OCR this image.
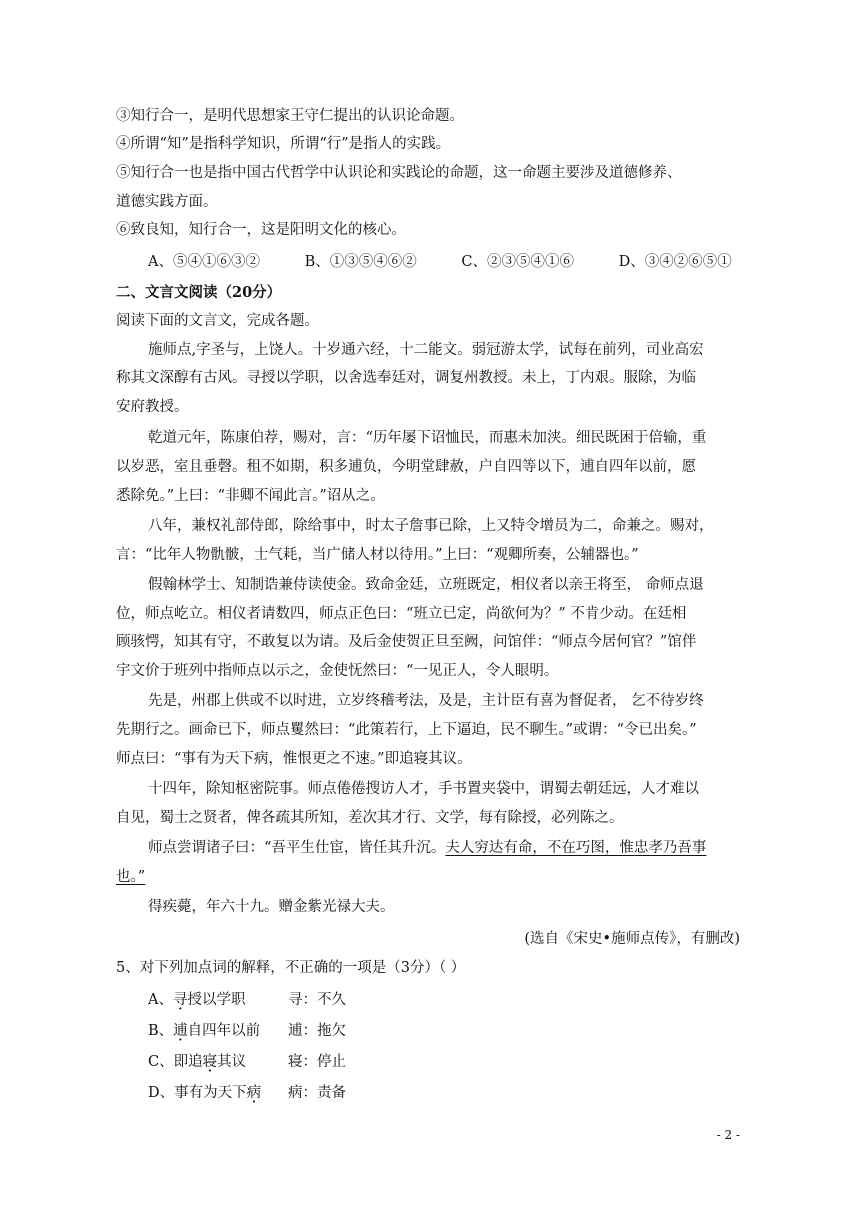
③知行合一，是明代思想家王守仁提出的认识论命题。
④所谓“知”是指科学知识，所谓“行”是指人的实践。
⑤知行合一也是指中国古代哲学中认识论和实践论的命题，这一命题主要涉及道德修养、
道德实践方面。
⑥致良知，知行合一，这是阳明文化的核心。
A、⑤④①⑥③②	B、①③⑤④⑥②	C、②③⑤④①⑥	D、③④②⑥⑤①
二、文言文阅读（20分）
阅读下面的文言文，完成各题。
施师点,字圣与，上饶人。十岁通六经，十二能文。弱冠游太学，试每在前列，司业高宏
称其文深醇有古风。寻授以学职，以舍选奉廷对，调复州教授。未上，丁内艰。服除，为临
安府教授。
乾道元年，陈康伯荐，赐对，言：“历年屡下诏恤民，而惠未加浃。细民既困于倍输，重
以岁恶，室且垂磬。租不如期，积多逋负，今明堂肆赦，户自四等以下，逋自四年以前，愿
悉除免。”上曰：“非卿不闻此言。”诏从之。
八年，兼权礼部侍郎，除给事中，时太子詹事已除，上又特令增员为二，命兼之。赐对，
言：“比年人物骩骳，士气耗，当广储人材以待用。”上曰：“观卿所奏，公辅器也。”
假翰林学士、知制诰兼侍读使金。致命金廷，立班既定，相仪者以亲王将至， 命师点退
位，师点屹立。相仪者请数四，师点正色曰：“班立已定，尚欲何为？” 不肯少动。在廷相
顾骇愕，知其有守，不敢复以为请。及后金使贺正旦至阙，问馆伴：“师点今居何官？”馆伴
宇文价于班列中指师点以示之，金使怃然曰：“一见正人，令人眼明。
先是，州郡上供或不以时进，立岁终稽考法，及是，主计臣有喜为督促者， 乞不待岁终
先期行之。画命已下，师点矍然曰：“此策若行，上下逼迫，民不聊生。”或谓：“令已出矣。”
师点曰：“事有为天下病，惟恨更之不速。”即追寝其议。
十四年，除知枢密院事。师点倦倦搜访人才，手书置夹袋中，谓蜀去朝廷远，人才难以
自见，蜀士之贤者，俾各疏其所知，差次其才行、文学，每有除授，必列陈之。
师点尝谓诸子曰：“吾平生仕宦，皆任其升沉。夫人穷达有命，不在巧图，惟忠孝乃吾事
也。”
得疾薨，年六十九。赠金紫光禄大夫。
(选自《宋史•施师点传》，有删改)
5、对下列加点词的解释，不正确的一项是（3分）（ ）
A、寻授以学职	寻：不久
B、逋自四年以前 逋：拖欠
C、即追寝其议	寝：停止
D、事有为天下病 病：责备
- 2 -
